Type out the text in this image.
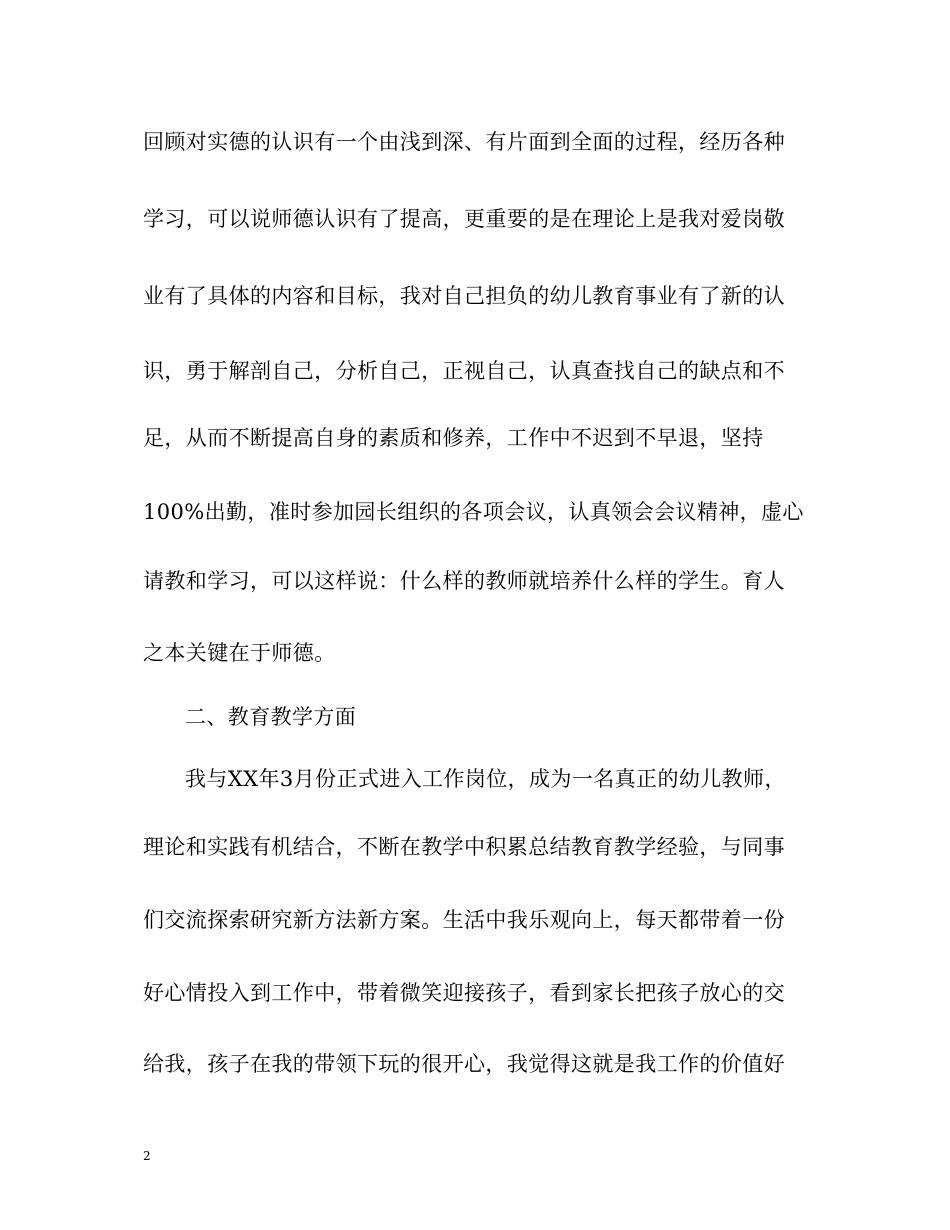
回顾对实德的认识有一个由浅到深、有片面到全面的过程，经历各种
学习，可以说师德认识有了提高，更重要的是在理论上是我对爱岗敬
业有了具体的内容和目标，我对自己担负的幼儿教育事业有了新的认
识，勇于解剖自己，分析自己，正视自己，认真查找自己的缺点和不
足，从而不断提高自身的素质和修养，工作中不迟到不早退，坚持
100%出勤，准时参加园长组织的各项会议，认真领会会议精神，虚心
请教和学习，可以这样说：什么样的教师就培养什么样的学生。育人
之本关键在于师德。
二、教育教学方面
我与XX年3月份正式进入工作岗位，成为一名真正的幼儿教师，
理论和实践有机结合，不断在教学中积累总结教育教学经验，与同事
们交流探索研究新方法新方案。生活中我乐观向上，每天都带着一份
好心情投入到工作中，带着微笑迎接孩子，看到家长把孩子放心的交
给我，孩子在我的带领下玩的很开心，我觉得这就是我工作的价值好
2
